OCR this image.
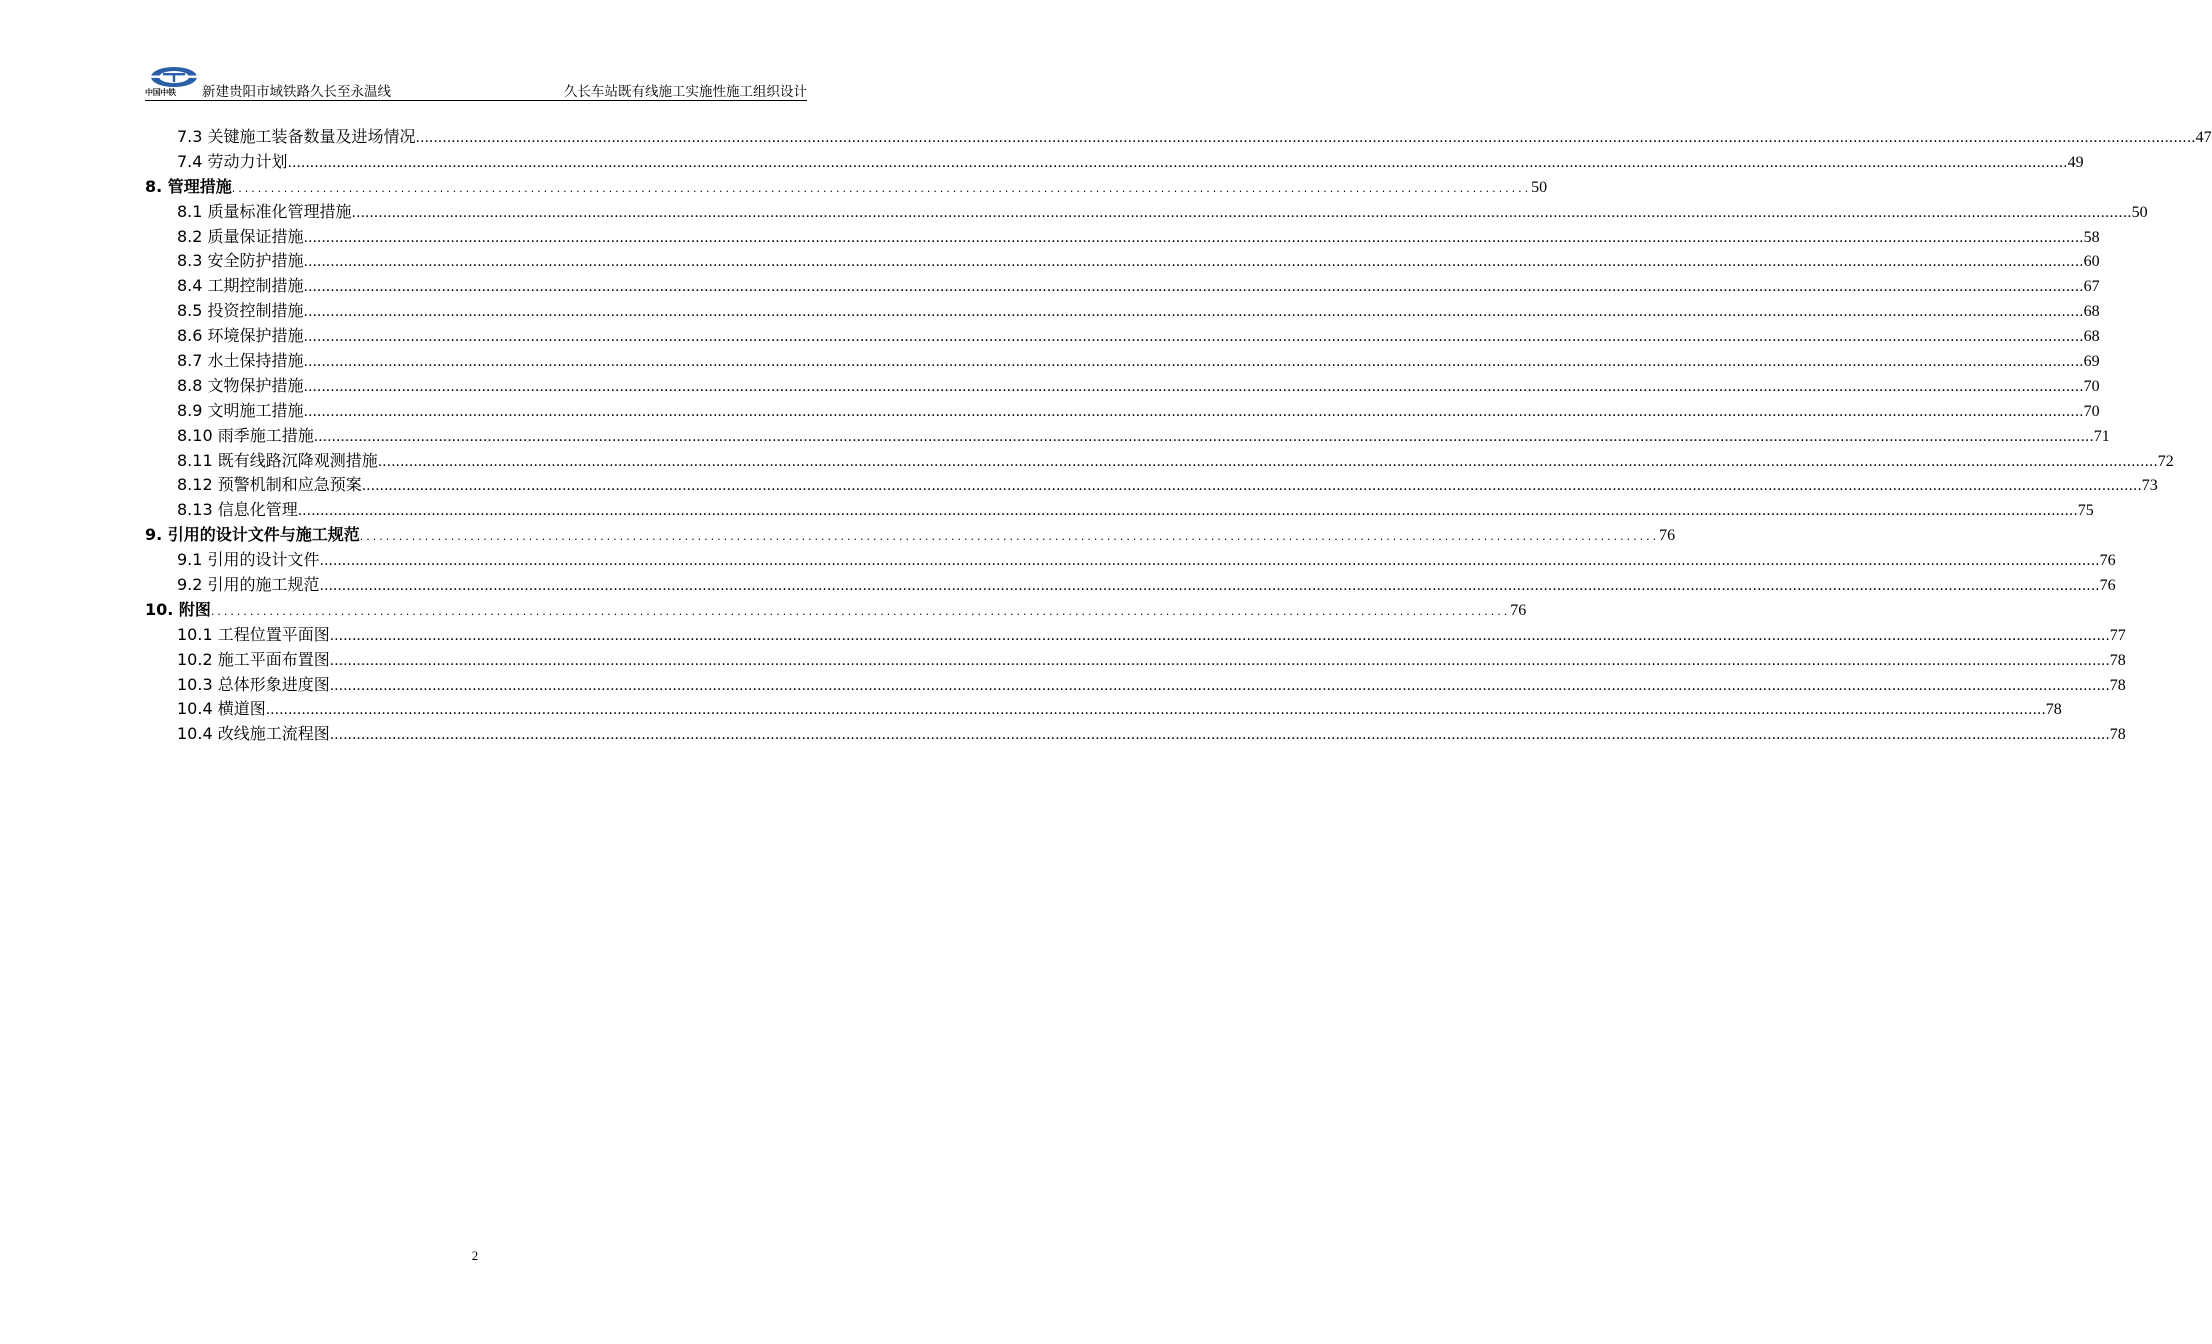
中国中铁 新建贵阳市域铁路久长至永温线	久长车站既有线施工实施性施工组织设计
7.3 关键施工装备数量及进场情况 ................................................................................................................................................................................................................................................................................................................................................................................................................ 47
7.4 劳动力计划 ................................................................................................................................................................................................................................................................................................................................................................................................................ 49
8. 管理措施 ........................................................................................................................................................................................................ 50
8.1 质量标准化管理措施 ................................................................................................................................................................................................................................................................................................................................................................................................................ 50
8.2 质量保证措施 ................................................................................................................................................................................................................................................................................................................................................................................................................ 58
8.3 安全防护措施 ................................................................................................................................................................................................................................................................................................................................................................................................................ 60
8.4 工期控制措施 ................................................................................................................................................................................................................................................................................................................................................................................................................ 67
8.5 投资控制措施 ................................................................................................................................................................................................................................................................................................................................................................................................................ 68
8.6 环境保护措施 ................................................................................................................................................................................................................................................................................................................................................................................................................ 68
8.7 水土保持措施 ................................................................................................................................................................................................................................................................................................................................................................................................................ 69
8.8 文物保护措施 ................................................................................................................................................................................................................................................................................................................................................................................................................ 70
8.9 文明施工措施 ................................................................................................................................................................................................................................................................................................................................................................................................................ 70
8.10 雨季施工措施 ................................................................................................................................................................................................................................................................................................................................................................................................................ 71
8.11 既有线路沉降观测措施 ................................................................................................................................................................................................................................................................................................................................................................................................................ 72
8.12 预警机制和应急预案 ................................................................................................................................................................................................................................................................................................................................................................................................................ 73
8.13 信息化管理 ................................................................................................................................................................................................................................................................................................................................................................................................................ 75
9. 引用的设计文件与施工规范 ........................................................................................................................................................................................................ 76
9.1 引用的设计文件 ................................................................................................................................................................................................................................................................................................................................................................................................................ 76
9.2 引用的施工规范 ................................................................................................................................................................................................................................................................................................................................................................................................................ 76
10. 附图 ........................................................................................................................................................................................................ 76
10.1 工程位置平面图 ................................................................................................................................................................................................................................................................................................................................................................................................................ 77
10.2 施工平面布置图 ................................................................................................................................................................................................................................................................................................................................................................................................................ 78
10.3 总体形象进度图 ................................................................................................................................................................................................................................................................................................................................................................................................................ 78
10.4 横道图 ................................................................................................................................................................................................................................................................................................................................................................................................................ 78
10.4 改线施工流程图 ................................................................................................................................................................................................................................................................................................................................................................................................................ 78
2
